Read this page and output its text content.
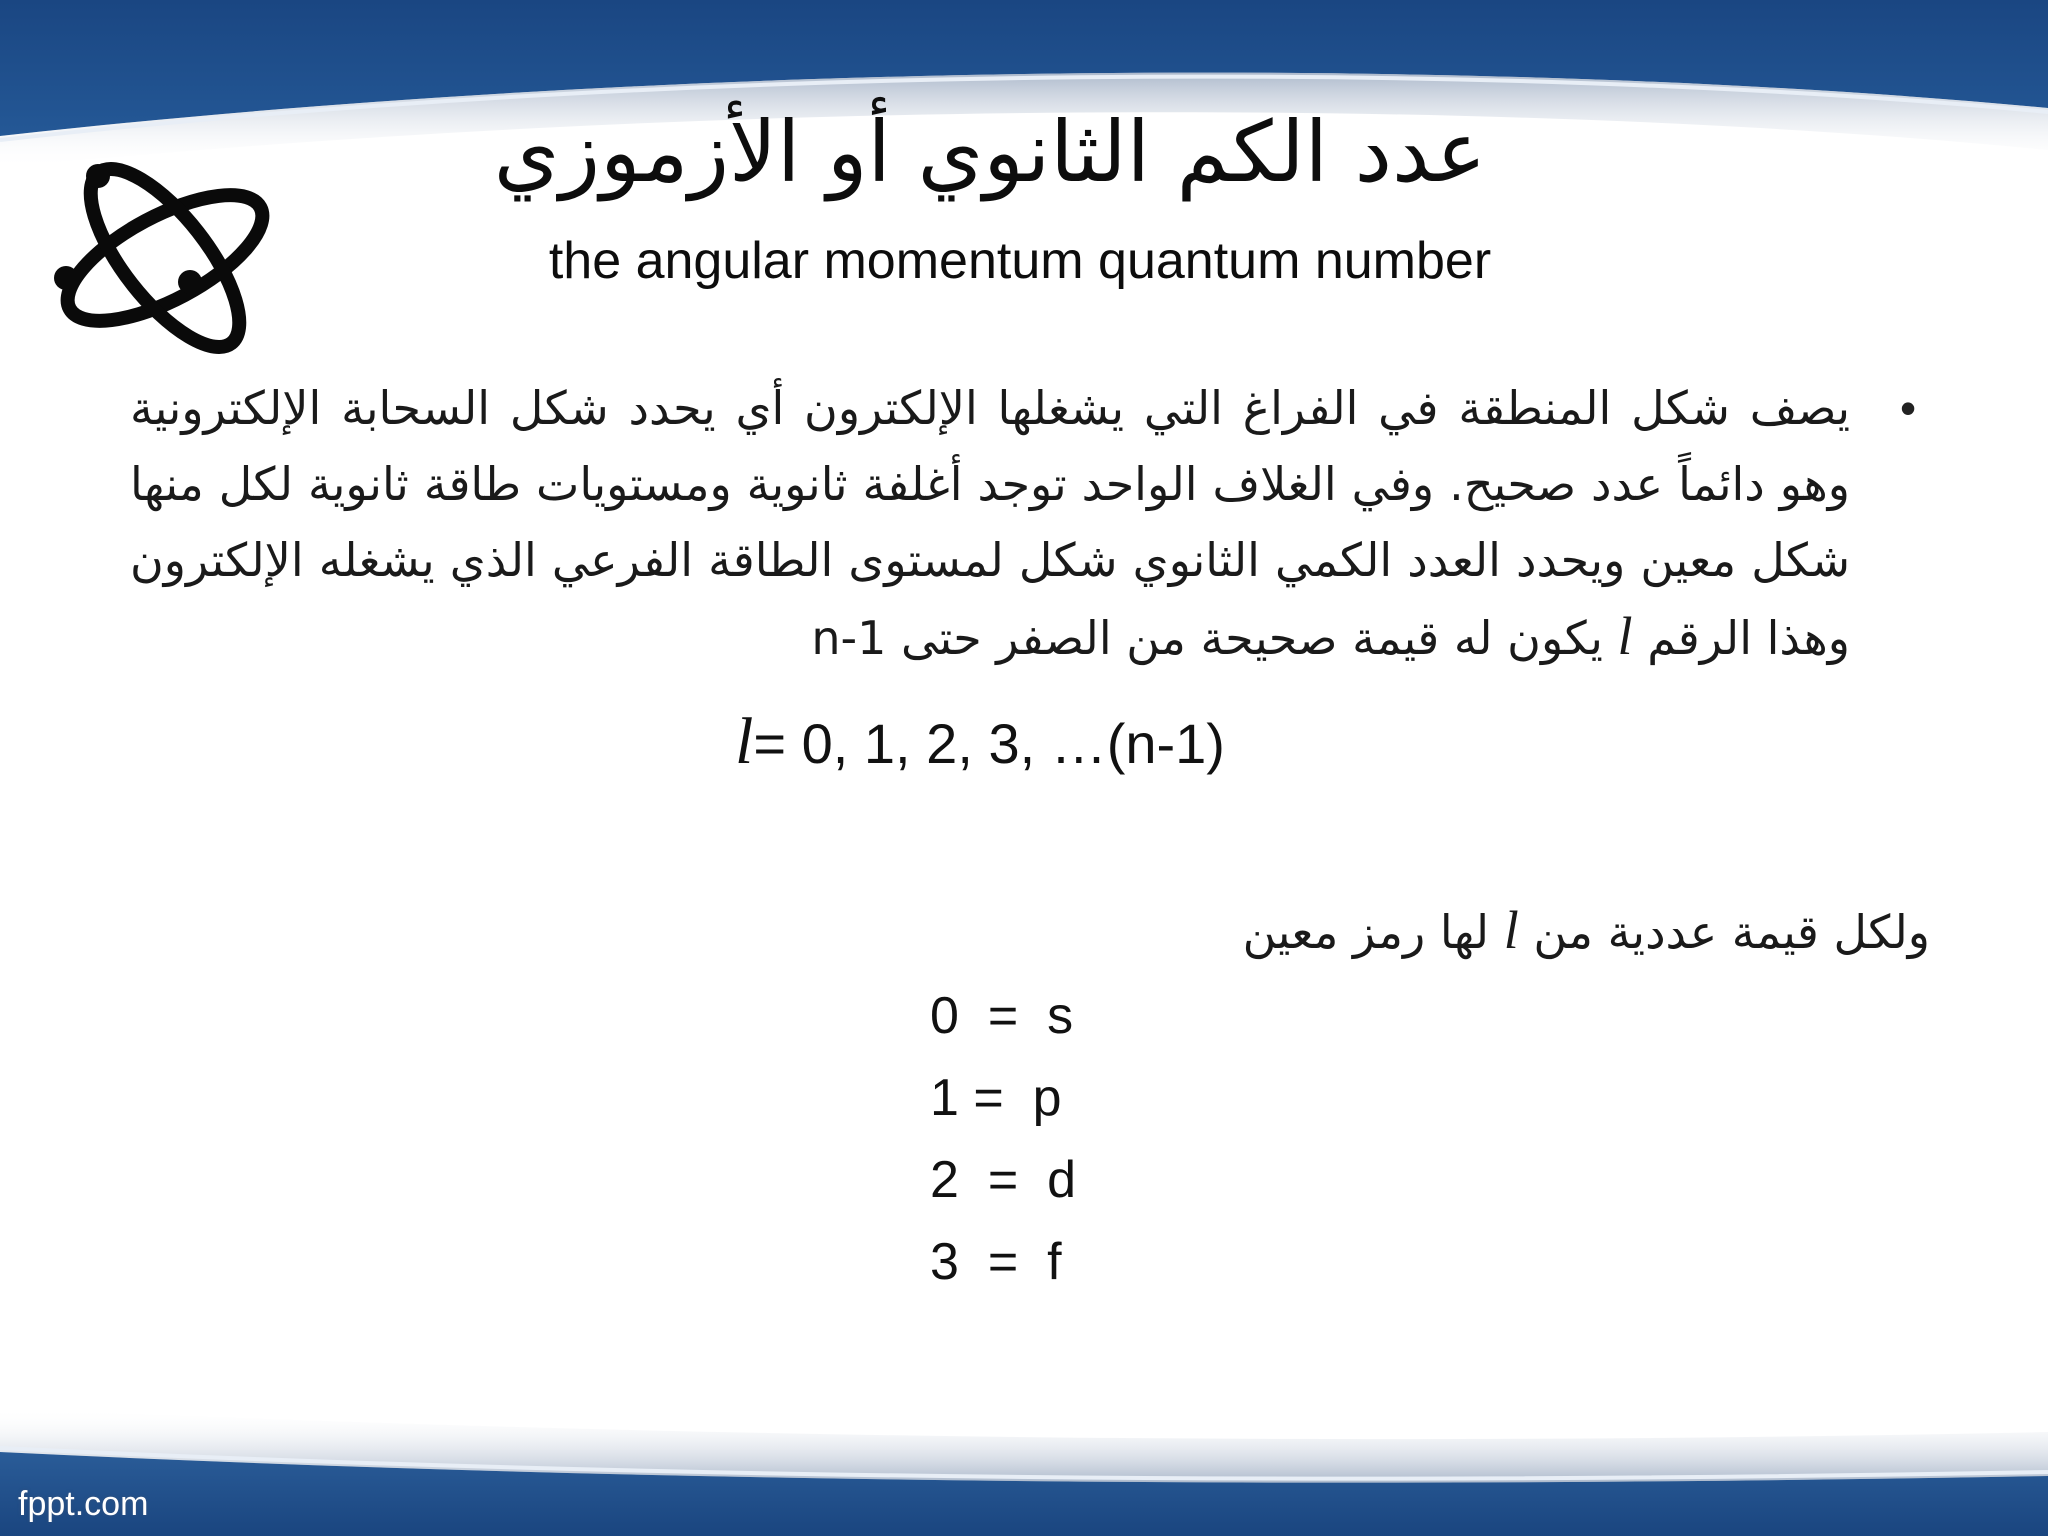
عدد الكم الثانوي أو الأزموزي
the angular momentum quantum number
•
يصف شكل المنطقة في الفراغ التي يشغلها الإلكترون أي يحدد شكل السحابة الإلكترونية وهو دائماً عدد صحيح. وفي الغلاف الواحد توجد أغلفة ثانوية ومستويات طاقة ثانوية لكل منها شكل معين ويحدد العدد الكمي الثانوي شكل لمستوى الطاقة الفرعي الذي يشغله الإلكترون وهذا الرقم l يكون له قيمة صحيحة من الصفر حتى n-1
l= 0, 1, 2, 3, …(n-1)
ولكل قيمة عددية من l لها رمز معين
0  =  s
1 =  p
2  =  d
3  =  f
fppt.com
